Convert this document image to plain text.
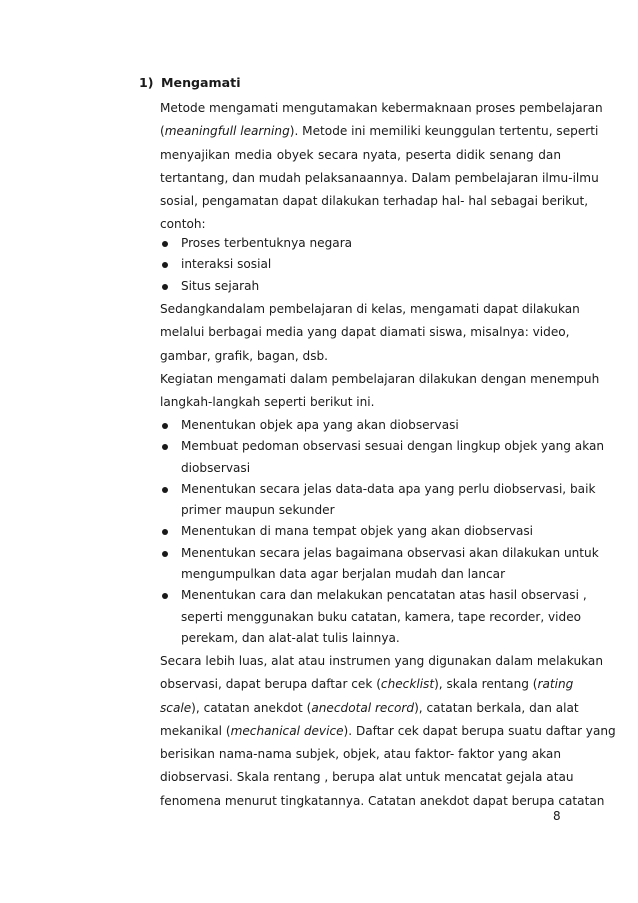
1) Mengamati
Metode mengamati mengutamakan kebermaknaan proses pembelajaran
(meaningfull learning). Metode ini memiliki keunggulan tertentu, seperti
menyajikan media obyek secara nyata, peserta didik senang dan
tertantang, dan mudah pelaksanaannya. Dalam pembelajaran ilmu-ilmu
sosial, pengamatan dapat dilakukan terhadap hal- hal sebagai berikut,
contoh:
Proses terbentuknya negara
interaksi sosial
Situs sejarah
Sedangkandalam pembelajaran di kelas, mengamati dapat dilakukan
melalui berbagai media yang dapat diamati siswa, misalnya: video,
gambar, grafik, bagan, dsb.
Kegiatan mengamati dalam pembelajaran dilakukan dengan menempuh
langkah-langkah seperti berikut ini.
Menentukan objek apa yang akan diobservasi
Membuat pedoman observasi sesuai dengan lingkup objek yang akan
diobservasi
Menentukan secara jelas data-data apa yang perlu diobservasi, baik
primer maupun sekunder
Menentukan di mana tempat objek yang akan diobservasi
Menentukan secara jelas bagaimana observasi akan dilakukan untuk
mengumpulkan data agar berjalan mudah dan lancar
Menentukan cara dan melakukan pencatatan atas hasil observasi ,
seperti menggunakan buku catatan, kamera, tape recorder, video
perekam, dan alat-alat tulis lainnya.
Secara lebih luas, alat atau instrumen yang digunakan dalam melakukan
observasi, dapat berupa daftar cek (checklist), skala rentang (rating
scale), catatan anekdot (anecdotal record), catatan berkala, dan alat
mekanikal (mechanical device). Daftar cek dapat berupa suatu daftar yang
berisikan nama-nama subjek, objek, atau faktor- faktor yang akan
diobservasi. Skala rentang , berupa alat untuk mencatat gejala atau
fenomena menurut tingkatannya. Catatan anekdot dapat berupa catatan
8
